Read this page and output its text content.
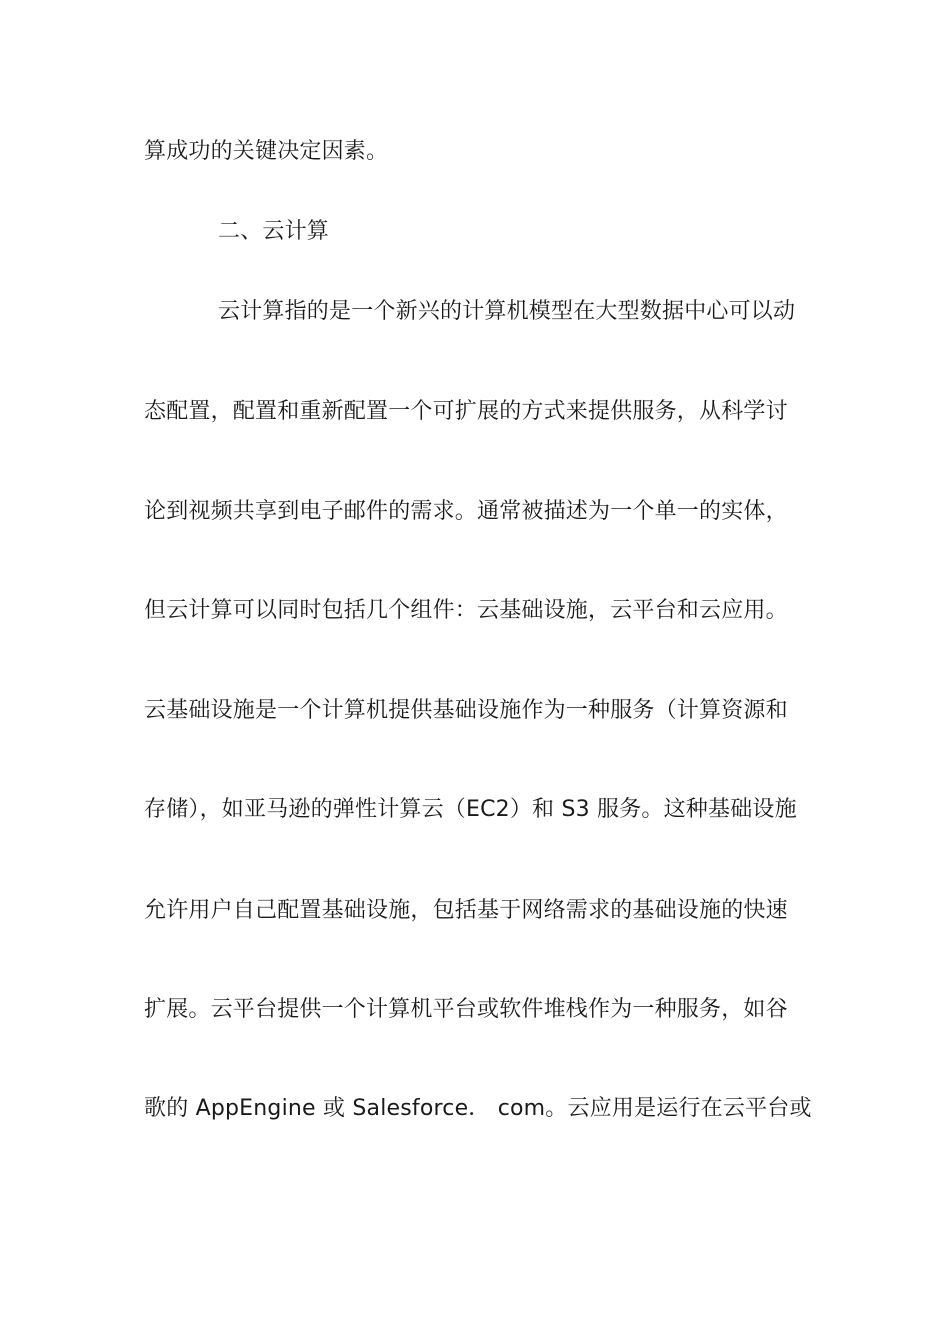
算成功的关键决定因素。
二、云计算
云计算指的是一个新兴的计算机模型在大型数据中心可以动
态配置，配置和重新配置一个可扩展的方式来提供服务，从科学讨
论到视频共享到电子邮件的需求。通常被描述为一个单一的实体，
但云计算可以同时包括几个组件：云基础设施，云平台和云应用。
云基础设施是一个计算机提供基础设施作为一种服务（计算资源和
存储），如亚马逊的弹性计算云（EC2）和 S3 服务。这种基础设施
允许用户自己配置基础设施，包括基于网络需求的基础设施的快速
扩展。云平台提供一个计算机平台或软件堆栈作为一种服务，如谷
歌的 AppEngine 或 Salesforce． com。云应用是运行在云平台或
